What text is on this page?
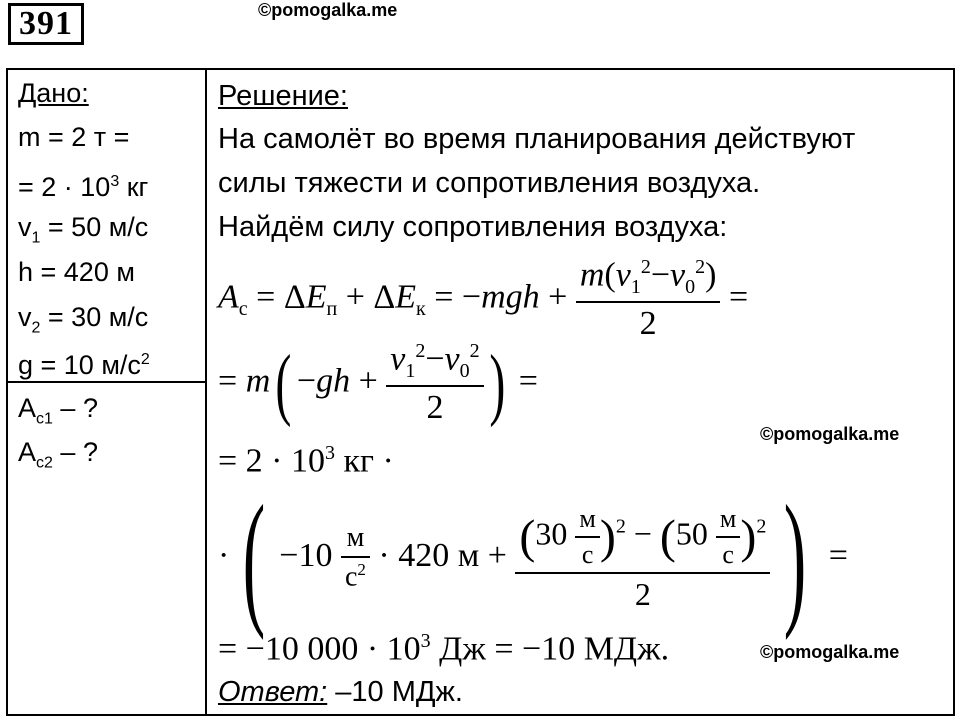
391	©pomogalka.me
©pomogalka.me
©pomogalka.me
Дано:
m = 2 т =
= $2 \cdot 10^3$ кг
$v_1 = 50$ м/с
h = 420 м
$v_2 = 30$ м/с
g = 10 $м/с^2$
$A_{c1}$ – ?
$A_{c2}$ – ?
Решение:
На самолёт во время планирования действуют
силы тяжести и сопротивления воздуха.
Найдём силу сопротивления воздуха:
$A_c = \Delta E_п + \Delta E_к = -mgh + \frac{m(v_1^2-v_0^2)}{2}$ =
= $m( -gh + \frac{v_1^2-v_0^2}{2}$ ) =
= $2 \cdot 10^3$ кг ·
·( $-10 \frac{м}{с^2} \cdot 420$ $м + \frac{(30 \frac{м}{с} )^2 - (50 \frac{м}{с} )^2}{2}$ ) =
= −10 $000 \cdot 10^3$ Дж = −10 МДж.
Ответ: –10 МДж.
